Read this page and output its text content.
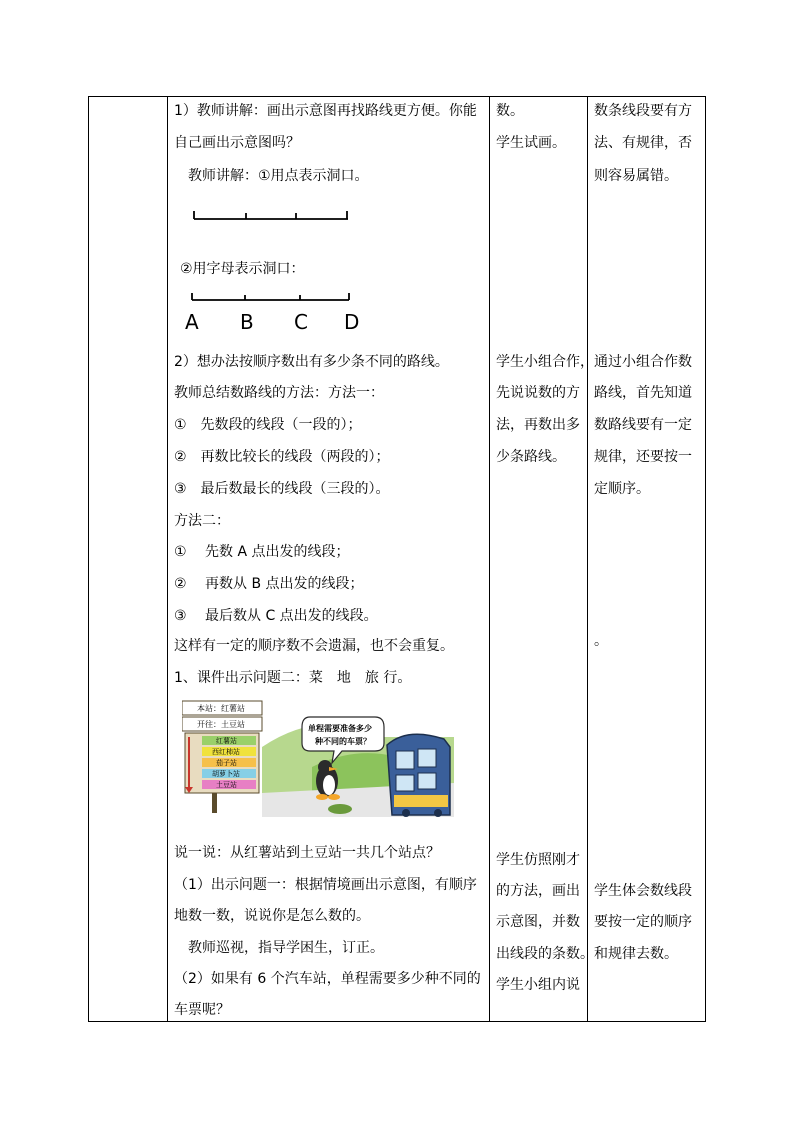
1）教师讲解：画出示意图再找路线更方便。你能
自己画出示意图吗？
　教师讲解：①用点表示洞口。
②用字母表示洞口：
A B C D
2）想办法按顺序数出有多少条不同的路线。
教师总结数路线的方法：方法一：
①　先数段的线段（一段的）；
②　再数比较长的线段（两段的）；
③　最后数最长的线段（三段的）。
方法二：
①　 先数 A 点出发的线段；
②　 再数从 B 点出发的线段；
③　 最后数从 C 点出发的线段。
这样有一定的顺序数不会遗漏，也不会重复。
1、课件出示问题二：菜　地　旅 行。
本站：红薯站
开往：土豆站
红薯站
西红柿站
茄子站
胡萝卜站
土豆站
单程需要准备多少
种不同的车票？
说一说：从红薯站到土豆站一共几个站点？
（1）出示问题一：根据情境画出示意图，有顺序
地数一数，说说你是怎么数的。
　教师巡视，指导学困生，订正。
（2）如果有 6 个汽车站，单程需要多少种不同的
车票呢？
数。
学生试画。
学生小组合作，
先说说数的方
法，再数出多
少条路线。
学生仿照刚才
的方法，画出
示意图，并数
出线段的条数。
学生小组内说
数条线段要有方
法、有规律，否
则容易属错。
通过小组合作数
路线，首先知道
数路线要有一定
规律，还要按一
定顺序。
。
学生体会数线段
要按一定的顺序
和规律去数。
